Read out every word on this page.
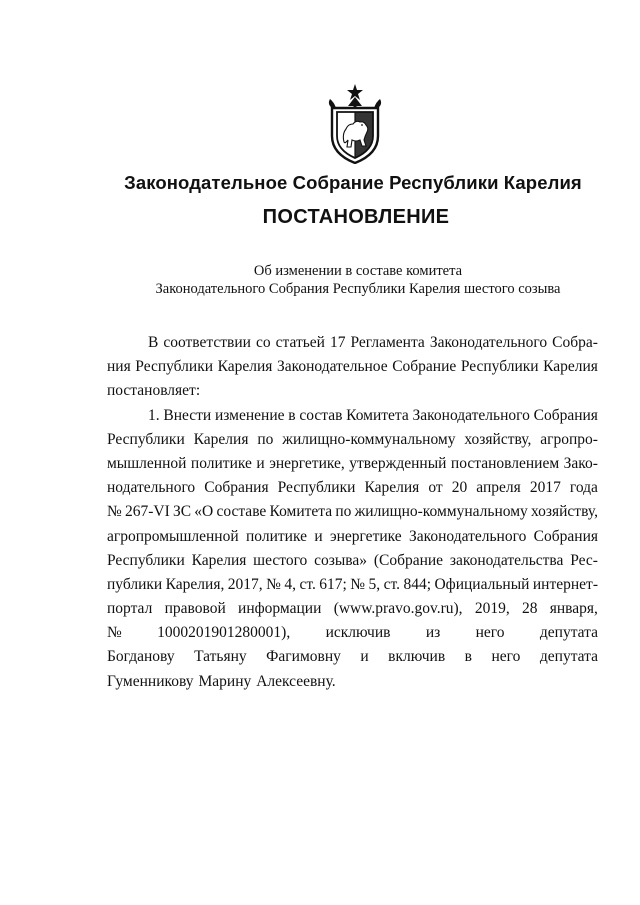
Законодательное Собрание Республики Карелия
ПОСТАНОВЛЕНИЕ
Об изменении в составе комитета
Законодательного Собрания Республики Карелия шестого созыва
В соответствии со статьей 17 Регламента Законодательного Собра-
ния Республики Карелия Законодательное Собрание Республики Карелия
постановляет:
1. Внести изменение в состав Комитета Законодательного Собрания
Республики Карелия по жилищно-коммунальному хозяйству, агропро-
мышленной политике и энергетике, утвержденный постановлением Зако-
нодательного Собрания Республики Карелия от 20 апреля 2017 года
№ 267-VI ЗС «О составе Комитета по жилищно-коммунальному хозяйству,
агропромышленной политике и энергетике Законодательного Собрания
Республики Карелия шестого созыва» (Собрание законодательства Рес-
публики Карелия, 2017, № 4, ст. 617; № 5, ст. 844; Официальный интернет-
портал правовой информации (www.pravo.gov.ru), 2019, 28 января,
№ 1000201901280001), исключив из него депутата
Богданову Татьяну Фагимовну и включив в него депутата
Гуменникову Марину Алексеевну.
